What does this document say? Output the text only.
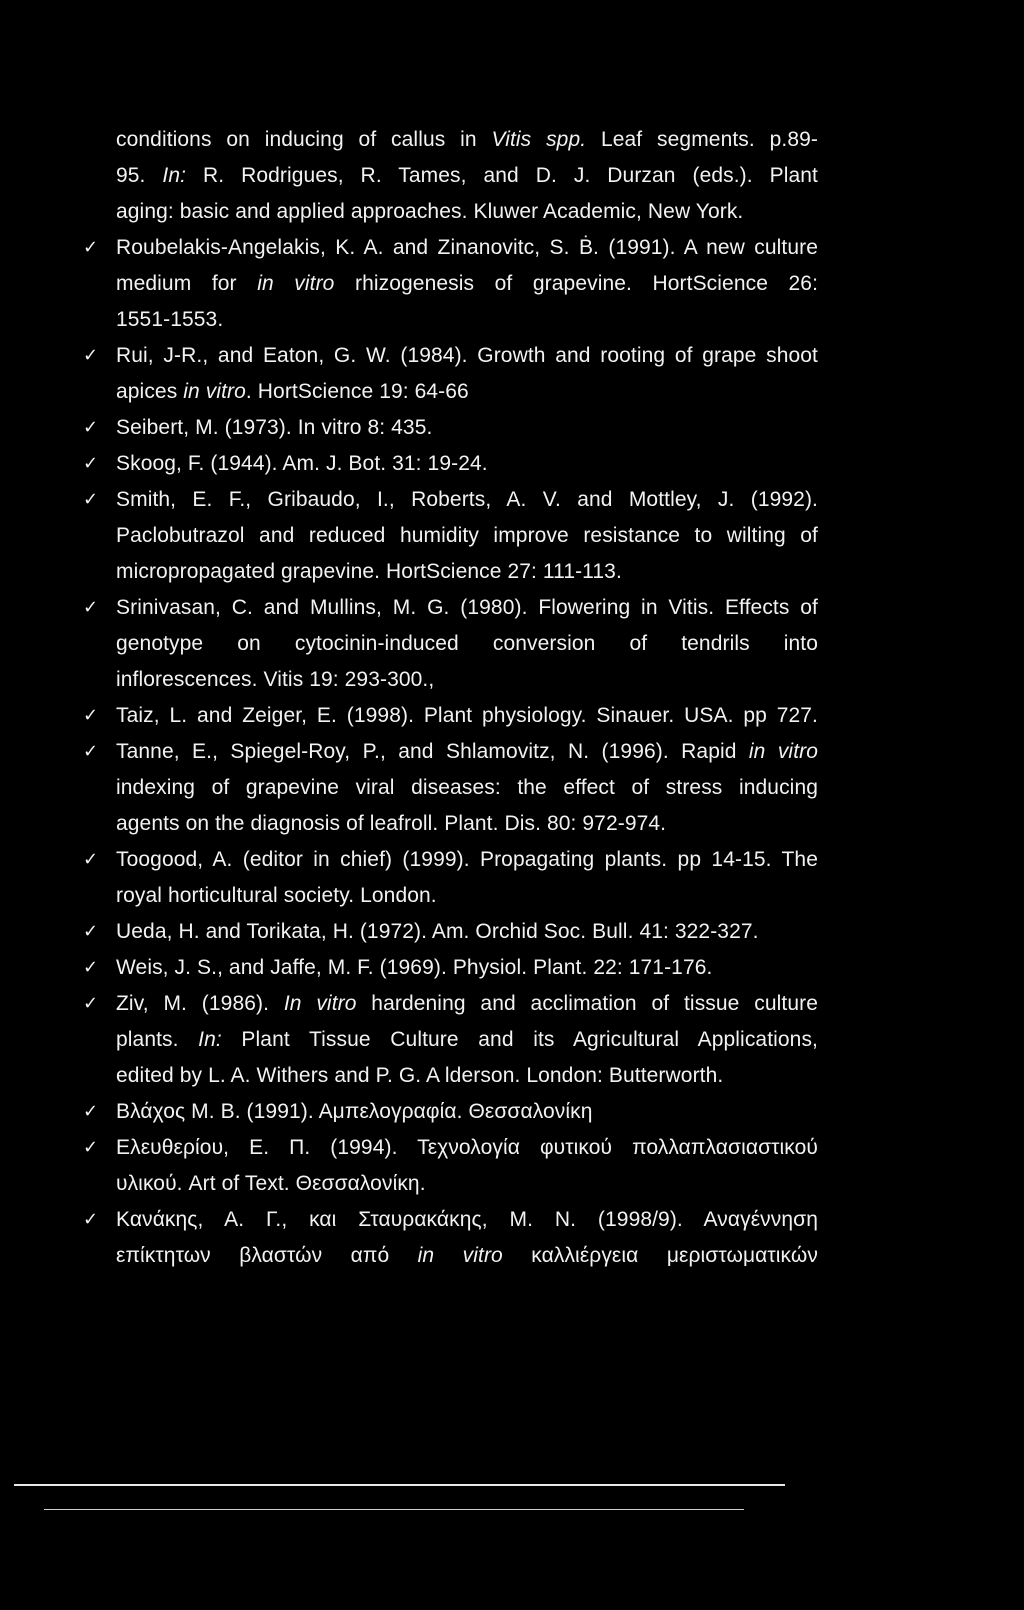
conditions on inducing of callus in Vitis spp. Leaf segments. p.89-
95. In: R. Rodrigues, R. Tames, and D. J. Durzan (eds.). Plant
aging: basic and applied approaches. Kluwer Academic, New York.
✓ Roubelakis-Angelakis, K. A. and Zinanovitc, S. Ḃ. (1991). A new culture
medium for in vitro rhizogenesis of grapevine. HortScience 26:
1551-1553.
✓ Rui, J-R., and Eaton, G. W. (1984). Growth and rooting of grape shoot
apices in vitro. HortScience 19: 64-66
✓ Seibert, M. (1973). In vitro 8: 435.
✓ Skoog, F. (1944). Am. J. Bot. 31: 19-24.
✓ Smith, E. F., Gribaudo, I., Roberts, A. V. and Mottley, J. (1992).
Paclobutrazol and reduced humidity improve resistance to wilting of
micropropagated grapevine. HortScience 27: 111-113.
✓ Srinivasan, C. and Mullins, M. G. (1980). Flowering in Vitis. Effects of
genotype on cytocinin-induced conversion of tendrils into
inflorescences. Vitis 19: 293-300.,
✓ Taiz, L. and Zeiger, E. (1998). Plant physiology. Sinauer. USA. pp 727.
✓ Tanne, E., Spiegel-Roy, P., and Shlamovitz, N. (1996). Rapid in vitro
indexing of grapevine viral diseases: the effect of stress inducing
agents on the diagnosis of leafroll. Plant. Dis. 80: 972-974.
✓ Toogood, A. (editor in chief) (1999). Propagating plants. pp 14-15. The
royal horticultural society. London.
✓ Ueda, H. and Torikata, H. (1972). Am. Orchid Soc. Bull. 41: 322-327.
✓ Weis, J. S., and Jaffe, M. F. (1969). Physiol. Plant. 22: 171-176.
✓ Ziv, M. (1986). In vitro hardening and acclimation of tissue culture
plants. In: Plant Tissue Culture and its Agricultural Applications,
edited by L. A. Withers and P. G. A lderson. London: Butterworth.
✓ Βλάχος Μ. Β. (1991). Αμπελογραφία. Θεσσαλονίκη
✓ Ελευθερίου, Ε. Π. (1994). Τεχνολογία φυτικού πολλαπλασιαστικού
υλικού. Art of Text. Θεσσαλονίκη.
✓ Κανάκης, Α. Γ., και Σταυρακάκης, Μ. Ν. (1998/9). Αναγέννηση
επίκτητων βλαστών από in vitro καλλιέργεια μεριστωματικών
